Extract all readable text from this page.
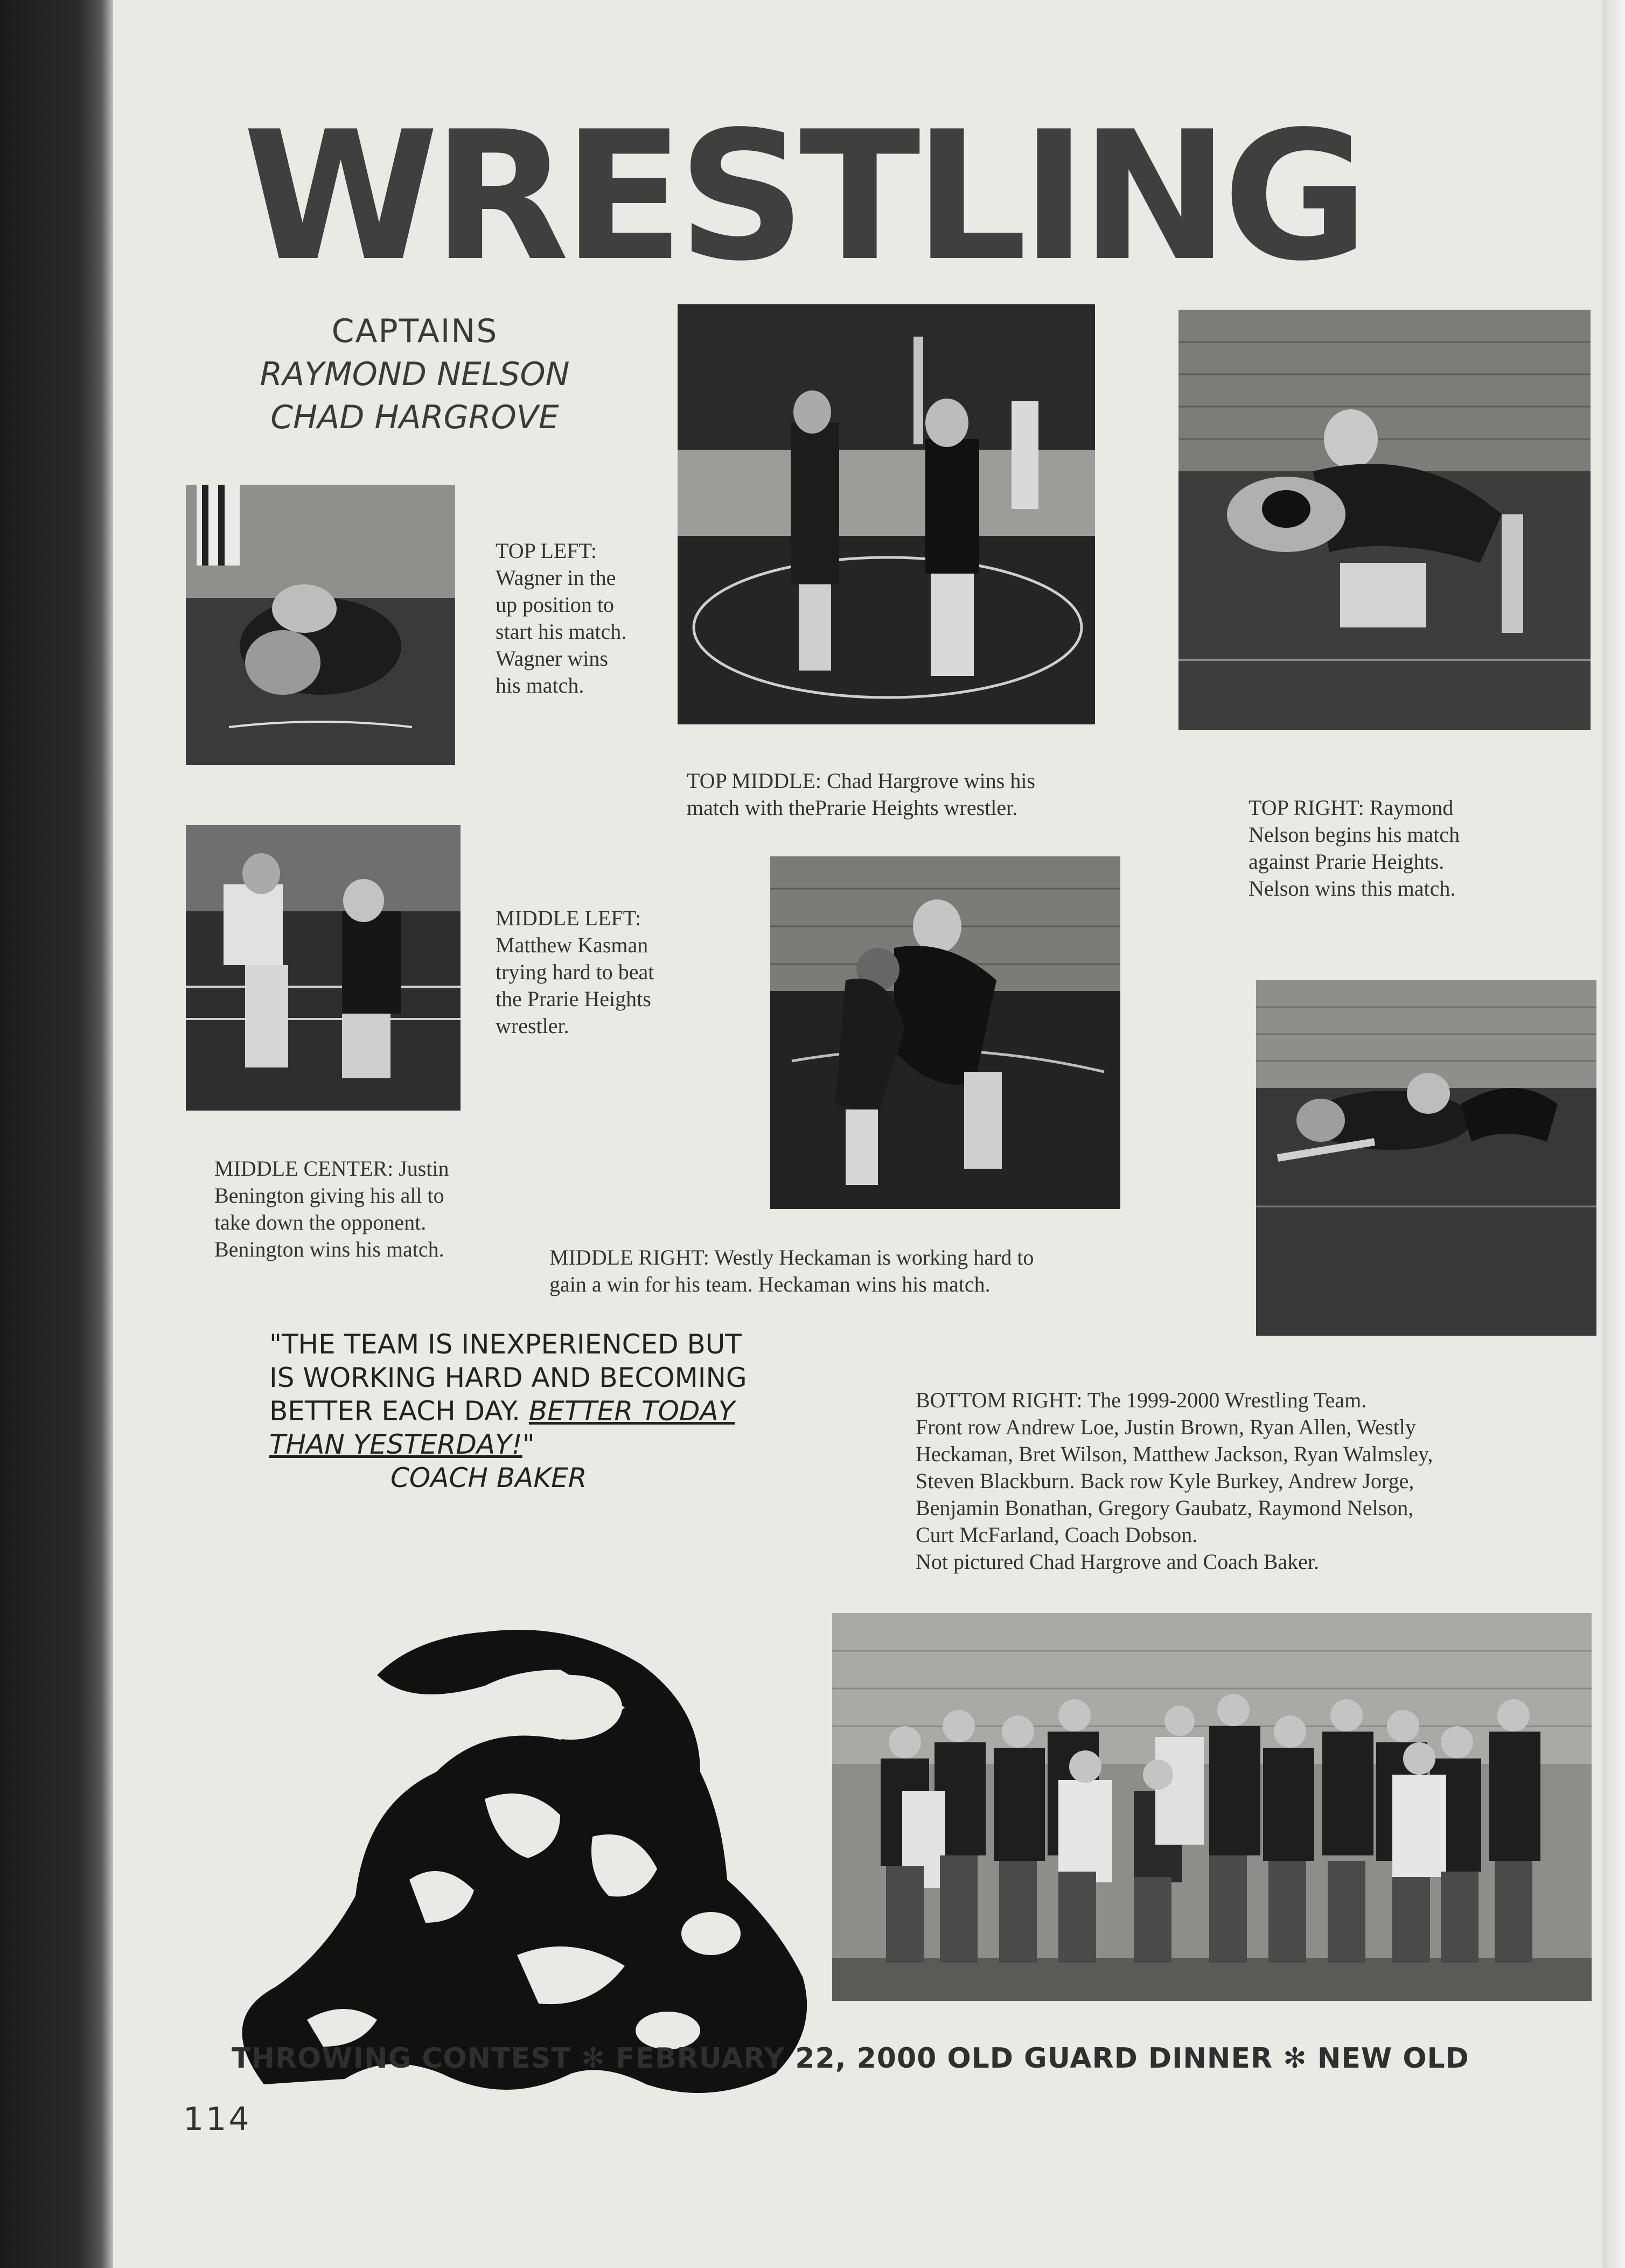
WRESTLING
CAPTAINS
RAYMOND NELSON
CHAD HARGROVE
TOP LEFT:
Wagner in the
up position to
start his match.
Wagner wins
his match.
TOP MIDDLE: Chad Hargrove wins his
match with thePrarie Heights wrestler.	TOP RIGHT: Raymond
Nelson begins his match
against Prarie Heights.
Nelson wins this match.
MIDDLE LEFT:
Matthew Kasman
trying hard to beat
the Prarie Heights
wrestler.
MIDDLE CENTER: Justin
Benington giving his all to
take down the opponent.
Benington wins his match.	MIDDLE RIGHT: Westly Heckaman is working hard to
gain a win for his team. Heckaman wins his match.
"THE TEAM IS INEXPERIENCED BUT
IS WORKING HARD AND BECOMING
BETTER EACH DAY. BETTER TODAY
THAN YESTERDAY!"
COACH BAKER
BOTTOM RIGHT: The 1999-2000 Wrestling Team.
Front row Andrew Loe, Justin Brown, Ryan Allen, Westly
Heckaman, Bret Wilson, Matthew Jackson, Ryan Walmsley,
Steven Blackburn. Back row Kyle Burkey, Andrew Jorge,
Benjamin Bonathan, Gregory Gaubatz, Raymond Nelson,
Curt McFarland, Coach Dobson.
Not pictured Chad Hargrove and Coach Baker.
THROWING CONTEST ✻ FEBRUARY 22, 2000 OLD GUARD DINNER ✻ NEW OLD
114
